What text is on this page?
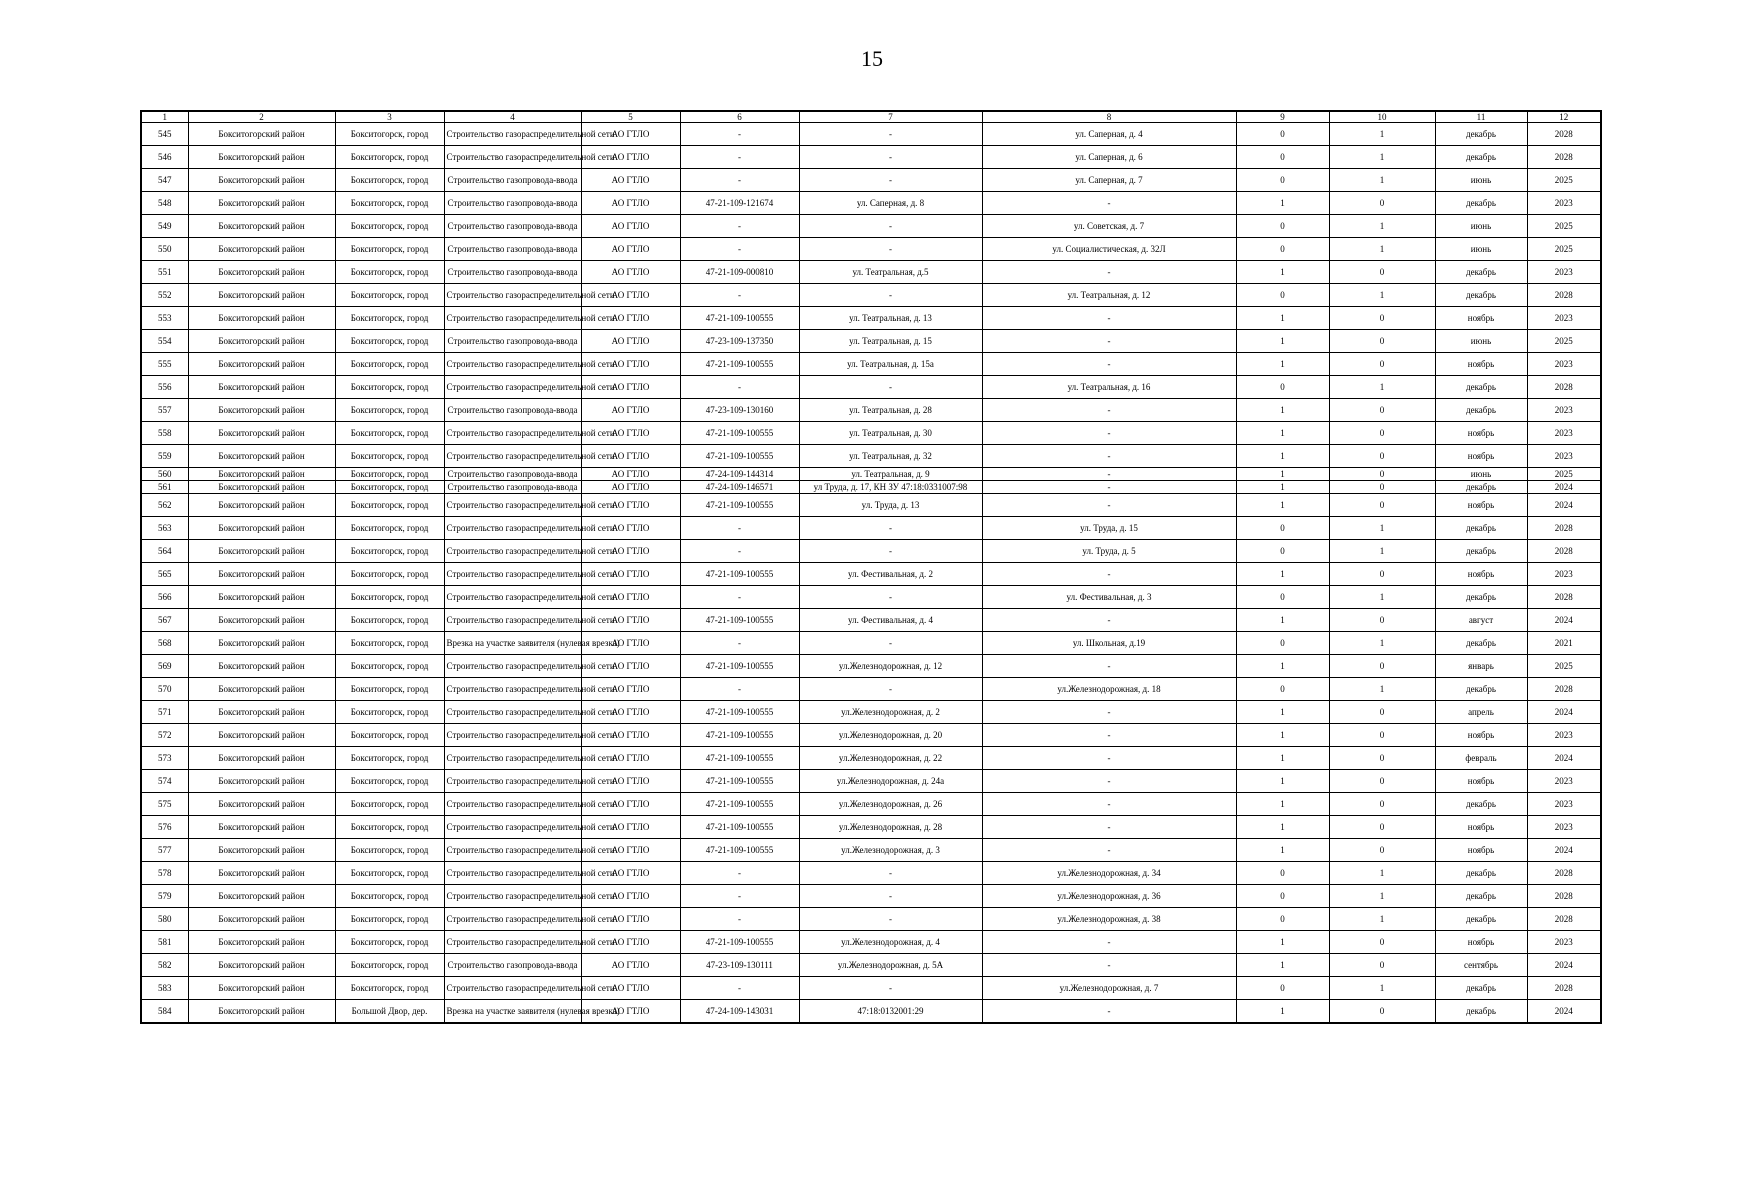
15
1	2	3	4	5	6	7	8	9	10	11	12
545	Бокситогорский район	Бокситогорск, город	Строительство газораспределительной сети	АО ГТЛО	-	-	ул. Саперная, д. 4	0	1	декабрь	2028
546	Бокситогорский район	Бокситогорск, город	Строительство газораспределительной сети	АО ГТЛО	-	-	ул. Саперная, д. 6	0	1	декабрь	2028
547	Бокситогорский район	Бокситогорск, город	Строительство газопровода-ввода	АО ГТЛО	-	-	ул. Саперная, д. 7	0	1	июнь	2025
548	Бокситогорский район	Бокситогорск, город	Строительство газопровода-ввода	АО ГТЛО	47-21-109-121674	ул. Саперная, д. 8	-	1	0	декабрь	2023
549	Бокситогорский район	Бокситогорск, город	Строительство газопровода-ввода	АО ГТЛО	-	-	ул. Советская, д. 7	0	1	июнь	2025
550	Бокситогорский район	Бокситогорск, город	Строительство газопровода-ввода	АО ГТЛО	-	-	ул. Социалистическая, д. 32Л	0	1	июнь	2025
551	Бокситогорский район	Бокситогорск, город	Строительство газопровода-ввода	АО ГТЛО	47-21-109-000810	ул. Театральная, д.5	-	1	0	декабрь	2023
552	Бокситогорский район	Бокситогорск, город	Строительство газораспределительной сети	АО ГТЛО	-	-	ул. Театральная, д. 12	0	1	декабрь	2028
553	Бокситогорский район	Бокситогорск, город	Строительство газораспределительной сети	АО ГТЛО	47-21-109-100555	ул. Театральная, д. 13	-	1	0	ноябрь	2023
554	Бокситогорский район	Бокситогорск, город	Строительство газопровода-ввода	АО ГТЛО	47-23-109-137350	ул. Театральная, д. 15	-	1	0	июнь	2025
555	Бокситогорский район	Бокситогорск, город	Строительство газораспределительной сети	АО ГТЛО	47-21-109-100555	ул. Театральная, д. 15а	-	1	0	ноябрь	2023
556	Бокситогорский район	Бокситогорск, город	Строительство газораспределительной сети	АО ГТЛО	-	-	ул. Театральная, д. 16	0	1	декабрь	2028
557	Бокситогорский район	Бокситогорск, город	Строительство газопровода-ввода	АО ГТЛО	47-23-109-130160	ул. Театральная, д. 28	-	1	0	декабрь	2023
558	Бокситогорский район	Бокситогорск, город	Строительство газораспределительной сети	АО ГТЛО	47-21-109-100555	ул. Театральная, д. 30	-	1	0	ноябрь	2023
559	Бокситогорский район	Бокситогорск, город	Строительство газораспределительной сети	АО ГТЛО	47-21-109-100555	ул. Театральная, д. 32	-	1	0	ноябрь	2023
560	Бокситогорский район	Бокситогорск, город	Строительство газопровода-ввода	АО ГТЛО	47-24-109-144314	ул. Театральная, д. 9	-	1	0	июнь	2025
561	Бокситогорский район	Бокситогорск, город	Строительство газопровода-ввода	АО ГТЛО	47-24-109-146571	ул Труда, д. 17, КН ЗУ 47:18:0331007:98	-	1	0	декабрь	2024
562	Бокситогорский район	Бокситогорск, город	Строительство газораспределительной сети	АО ГТЛО	47-21-109-100555	ул. Труда, д. 13	-	1	0	ноябрь	2024
563	Бокситогорский район	Бокситогорск, город	Строительство газораспределительной сети	АО ГТЛО	-	-	ул. Труда, д. 15	0	1	декабрь	2028
564	Бокситогорский район	Бокситогорск, город	Строительство газораспределительной сети	АО ГТЛО	-	-	ул. Труда, д. 5	0	1	декабрь	2028
565	Бокситогорский район	Бокситогорск, город	Строительство газораспределительной сети	АО ГТЛО	47-21-109-100555	ул. Фестивальная, д. 2	-	1	0	ноябрь	2023
566	Бокситогорский район	Бокситогорск, город	Строительство газораспределительной сети	АО ГТЛО	-	-	ул. Фестивальная, д. 3	0	1	декабрь	2028
567	Бокситогорский район	Бокситогорск, город	Строительство газораспределительной сети	АО ГТЛО	47-21-109-100555	ул. Фестивальная, д. 4	-	1	0	август	2024
568	Бокситогорский район	Бокситогорск, город	Врезка на участке заявителя (нулевая врезка)	АО ГТЛО	-	-	ул. Школьная, д.19	0	1	декабрь	2021
569	Бокситогорский район	Бокситогорск, город	Строительство газораспределительной сети	АО ГТЛО	47-21-109-100555	ул.Железнодорожная, д. 12	-	1	0	январь	2025
570	Бокситогорский район	Бокситогорск, город	Строительство газораспределительной сети	АО ГТЛО	-	-	ул.Железнодорожная, д. 18	0	1	декабрь	2028
571	Бокситогорский район	Бокситогорск, город	Строительство газораспределительной сети	АО ГТЛО	47-21-109-100555	ул.Железнодорожная, д. 2	-	1	0	апрель	2024
572	Бокситогорский район	Бокситогорск, город	Строительство газораспределительной сети	АО ГТЛО	47-21-109-100555	ул.Железнодорожная, д. 20	-	1	0	ноябрь	2023
573	Бокситогорский район	Бокситогорск, город	Строительство газораспределительной сети	АО ГТЛО	47-21-109-100555	ул.Железнодорожная, д. 22	-	1	0	февраль	2024
574	Бокситогорский район	Бокситогорск, город	Строительство газораспределительной сети	АО ГТЛО	47-21-109-100555	ул.Железнодорожная, д. 24а	-	1	0	ноябрь	2023
575	Бокситогорский район	Бокситогорск, город	Строительство газораспределительной сети	АО ГТЛО	47-21-109-100555	ул.Железнодорожная, д. 26	-	1	0	декабрь	2023
576	Бокситогорский район	Бокситогорск, город	Строительство газораспределительной сети	АО ГТЛО	47-21-109-100555	ул.Железнодорожная, д. 28	-	1	0	ноябрь	2023
577	Бокситогорский район	Бокситогорск, город	Строительство газораспределительной сети	АО ГТЛО	47-21-109-100555	ул.Железнодорожная, д. 3	-	1	0	ноябрь	2024
578	Бокситогорский район	Бокситогорск, город	Строительство газораспределительной сети	АО ГТЛО	-	-	ул.Железнодорожная, д. 34	0	1	декабрь	2028
579	Бокситогорский район	Бокситогорск, город	Строительство газораспределительной сети	АО ГТЛО	-	-	ул.Железнодорожная, д. 36	0	1	декабрь	2028
580	Бокситогорский район	Бокситогорск, город	Строительство газораспределительной сети	АО ГТЛО	-	-	ул.Железнодорожная, д. 38	0	1	декабрь	2028
581	Бокситогорский район	Бокситогорск, город	Строительство газораспределительной сети	АО ГТЛО	47-21-109-100555	ул.Железнодорожная, д. 4	-	1	0	ноябрь	2023
582	Бокситогорский район	Бокситогорск, город	Строительство газопровода-ввода	АО ГТЛО	47-23-109-130111	ул.Железнодорожная, д. 5А	-	1	0	сентябрь	2024
583	Бокситогорский район	Бокситогорск, город	Строительство газораспределительной сети	АО ГТЛО	-	-	ул.Железнодорожная, д. 7	0	1	декабрь	2028
584	Бокситогорский район	Большой Двор, дер.	Врезка на участке заявителя (нулевая врезка)	АО ГТЛО	47-24-109-143031	47:18:0132001:29	-	1	0	декабрь	2024
